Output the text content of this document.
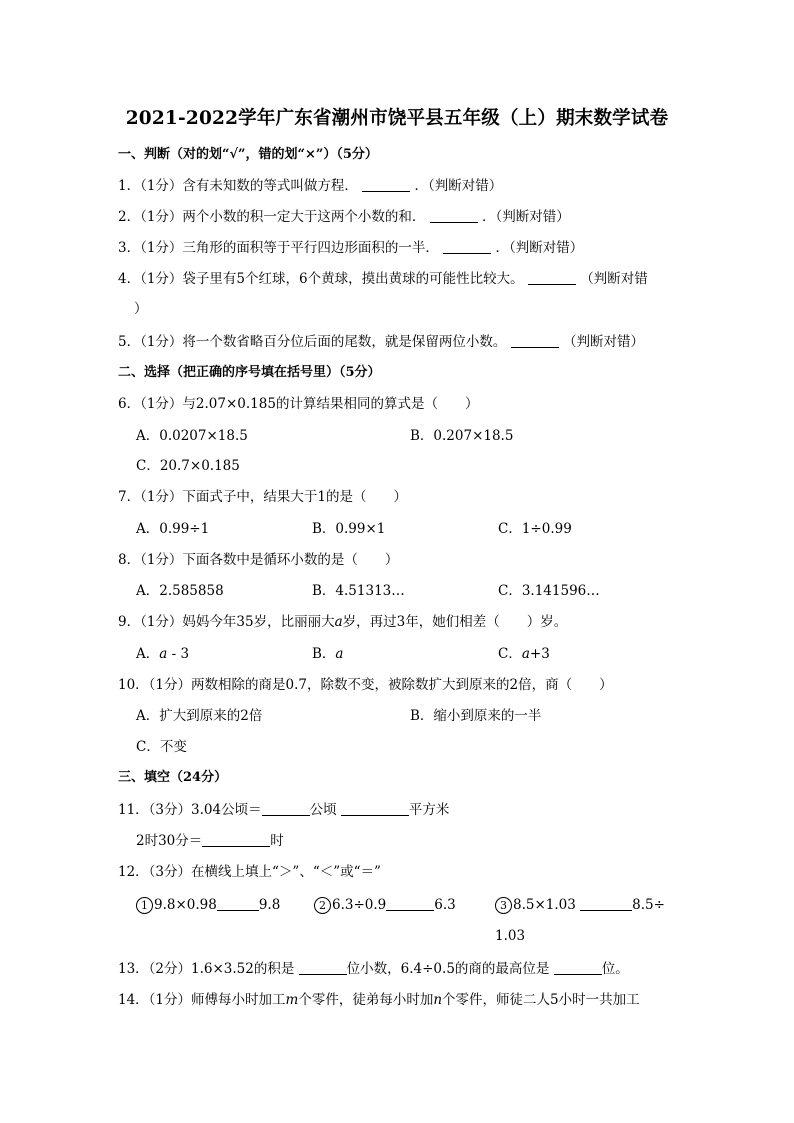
2021-2022学年广东省潮州市饶平县五年级（上）期末数学试卷
一、判断（对的划“√”，错的划“×”）（5分）
1．（1分）含有未知数的等式叫做方程．	．（判断对错）
2．（1分）两个小数的积一定大于这两个小数的和．	．（判断对错）
3．（1分）三角形的面积等于平行四边形面积的一半．	．（判断对错）
4．（1分）袋子里有5个红球，6个黄球，摸出黄球的可能性比较大。	（判断对错
）
5．（1分）将一个数省略百分位后面的尾数，就是保留两位小数。	（判断对错）
二、选择（把正确的序号填在括号里）（5分）
6．（1分）与2.07×0.185的计算结果相同的算式是（　　）
A．0.0207×18.5	B．0.207×18.5
C．20.7×0.185
7．（1分）下面式子中，结果大于1的是（　　）
A．0.99÷1	B．0.99×1	C．1÷0.99
8．（1分）下面各数中是循环小数的是（　　）
A．2.585858	B．4.51313…	C．3.141596…
9．（1分）妈妈今年35岁，比丽丽大a岁，再过3年，她们相差（　　）岁。
A．a - 3	B．a	C．a+3
10．（1分）两数相除的商是0.7，除数不变，被除数扩大到原来的2倍，商（　　）
A．扩大到原来的2倍	B．缩小到原来的一半
C．不变
三、填空（24分）
11．（3分）3.04公顷＝	公顷	平方米
2时30分＝	时
12．（3分）在横线上填上“＞”、“＜”或“＝”
1 9.8×0.98	9.8	2 6.3÷0.9	6.3	3 8.5×1.03	8.5÷
1.03
13．（2分）1.6×3.52的积是	位小数，6.4÷0.5的商的最高位是	位。
14．（1分）师傅每小时加工m个零件，徒弟每小时加n个零件，师徒二人5小时一共加工
